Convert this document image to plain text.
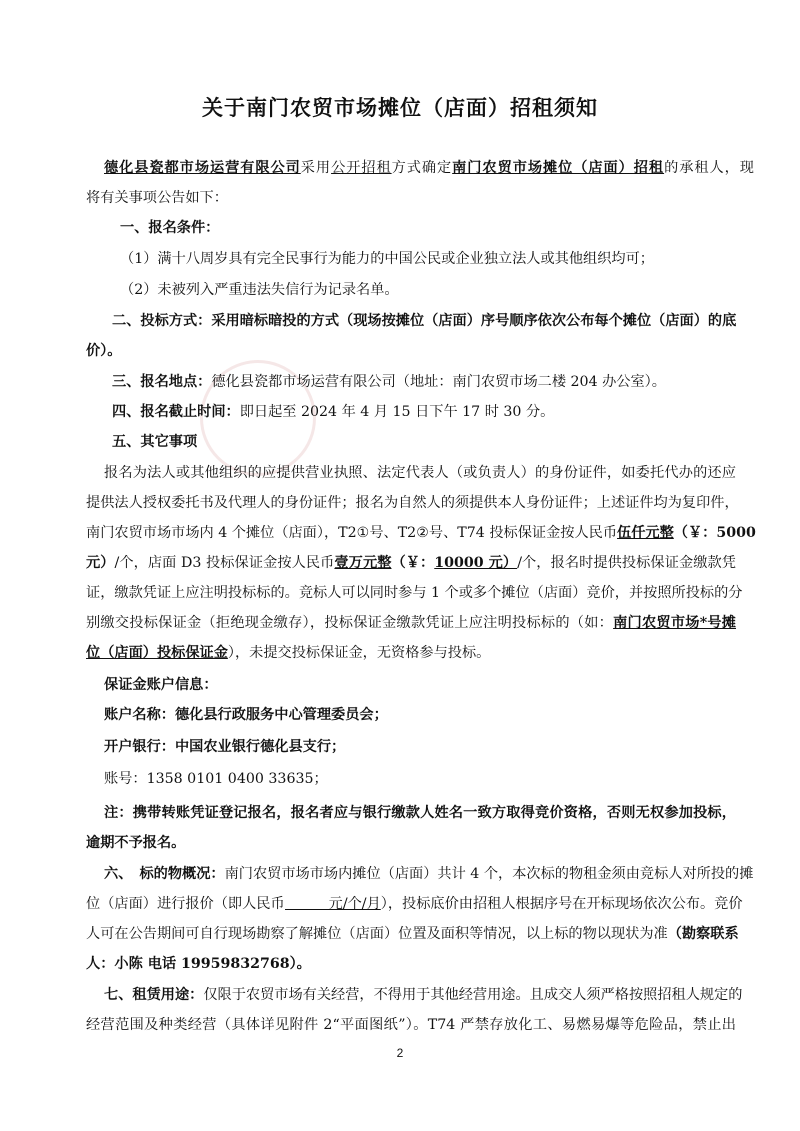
关于南门农贸市场摊位（店面）招租须知
德化县瓷都市场运营有限公司采用公开招租方式确定南门农贸市场摊位（店面）招租的承租人，现
将有关事项公告如下：
一、报名条件：
（1）满十八周岁具有完全民事行为能力的中国公民或企业独立法人或其他组织均可；
（2）未被列入严重违法失信行为记录名单。
二、投标方式：采用暗标暗投的方式（现场按摊位（店面）序号顺序依次公布每个摊位（店面）的底
价）。
三、报名地点：德化县瓷都市场运营有限公司（地址：南门农贸市场二楼 204 办公室）。
四、报名截止时间：即日起至 2024 年 4 月 15 日下午 17 时 30 分。
五、其它事项
报名为法人或其他组织的应提供营业执照、法定代表人（或负责人）的身份证件，如委托代办的还应
提供法人授权委托书及代理人的身份证件；报名为自然人的须提供本人身份证件；上述证件均为复印件，
南门农贸市场市场内 4 个摊位（店面），T2①号、T2②号、T74 投标保证金按人民币伍仟元整（￥：5000
元）/个，店面 D3 投标保证金按人民币壹万元整（￥：10000 元）/个，报名时提供投标保证金缴款凭
证，缴款凭证上应注明投标标的。竞标人可以同时参与 1 个或多个摊位（店面）竞价，并按照所投标的分
别缴交投标保证金（拒绝现金缴存），投标保证金缴款凭证上应注明投标标的（如：南门农贸市场*号摊
位（店面）投标保证金），未提交投标保证金，无资格参与投标。
保证金账户信息：
账户名称：德化县行政服务中心管理委员会；
开户银行：中国农业银行德化县支行；
账号：1358 0101 0400 33635；
注：携带转账凭证登记报名，报名者应与银行缴款人姓名一致方取得竞价资格，否则无权参加投标，
逾期不予报名。
六、　标的物概况：南门农贸市场市场内摊位（店面）共计 4 个，本次标的物租金须由竞标人对所投的摊
位（店面）进行报价（即人民币	元/个/月），投标底价由招租人根据序号在开标现场依次公布。竞价
人可在公告期间可自行现场勘察了解摊位（店面）位置及面积等情况，以上标的物以现状为准（勘察联系
人：小陈 电话 19959832768）。
七、租赁用途：仅限于农贸市场有关经营，不得用于其他经营用途。且成交人须严格按照招租人规定的
经营范围及种类经营（具体详见附件 2“平面图纸”）。T74 严禁存放化工、易燃易爆等危险品，禁止出
2
